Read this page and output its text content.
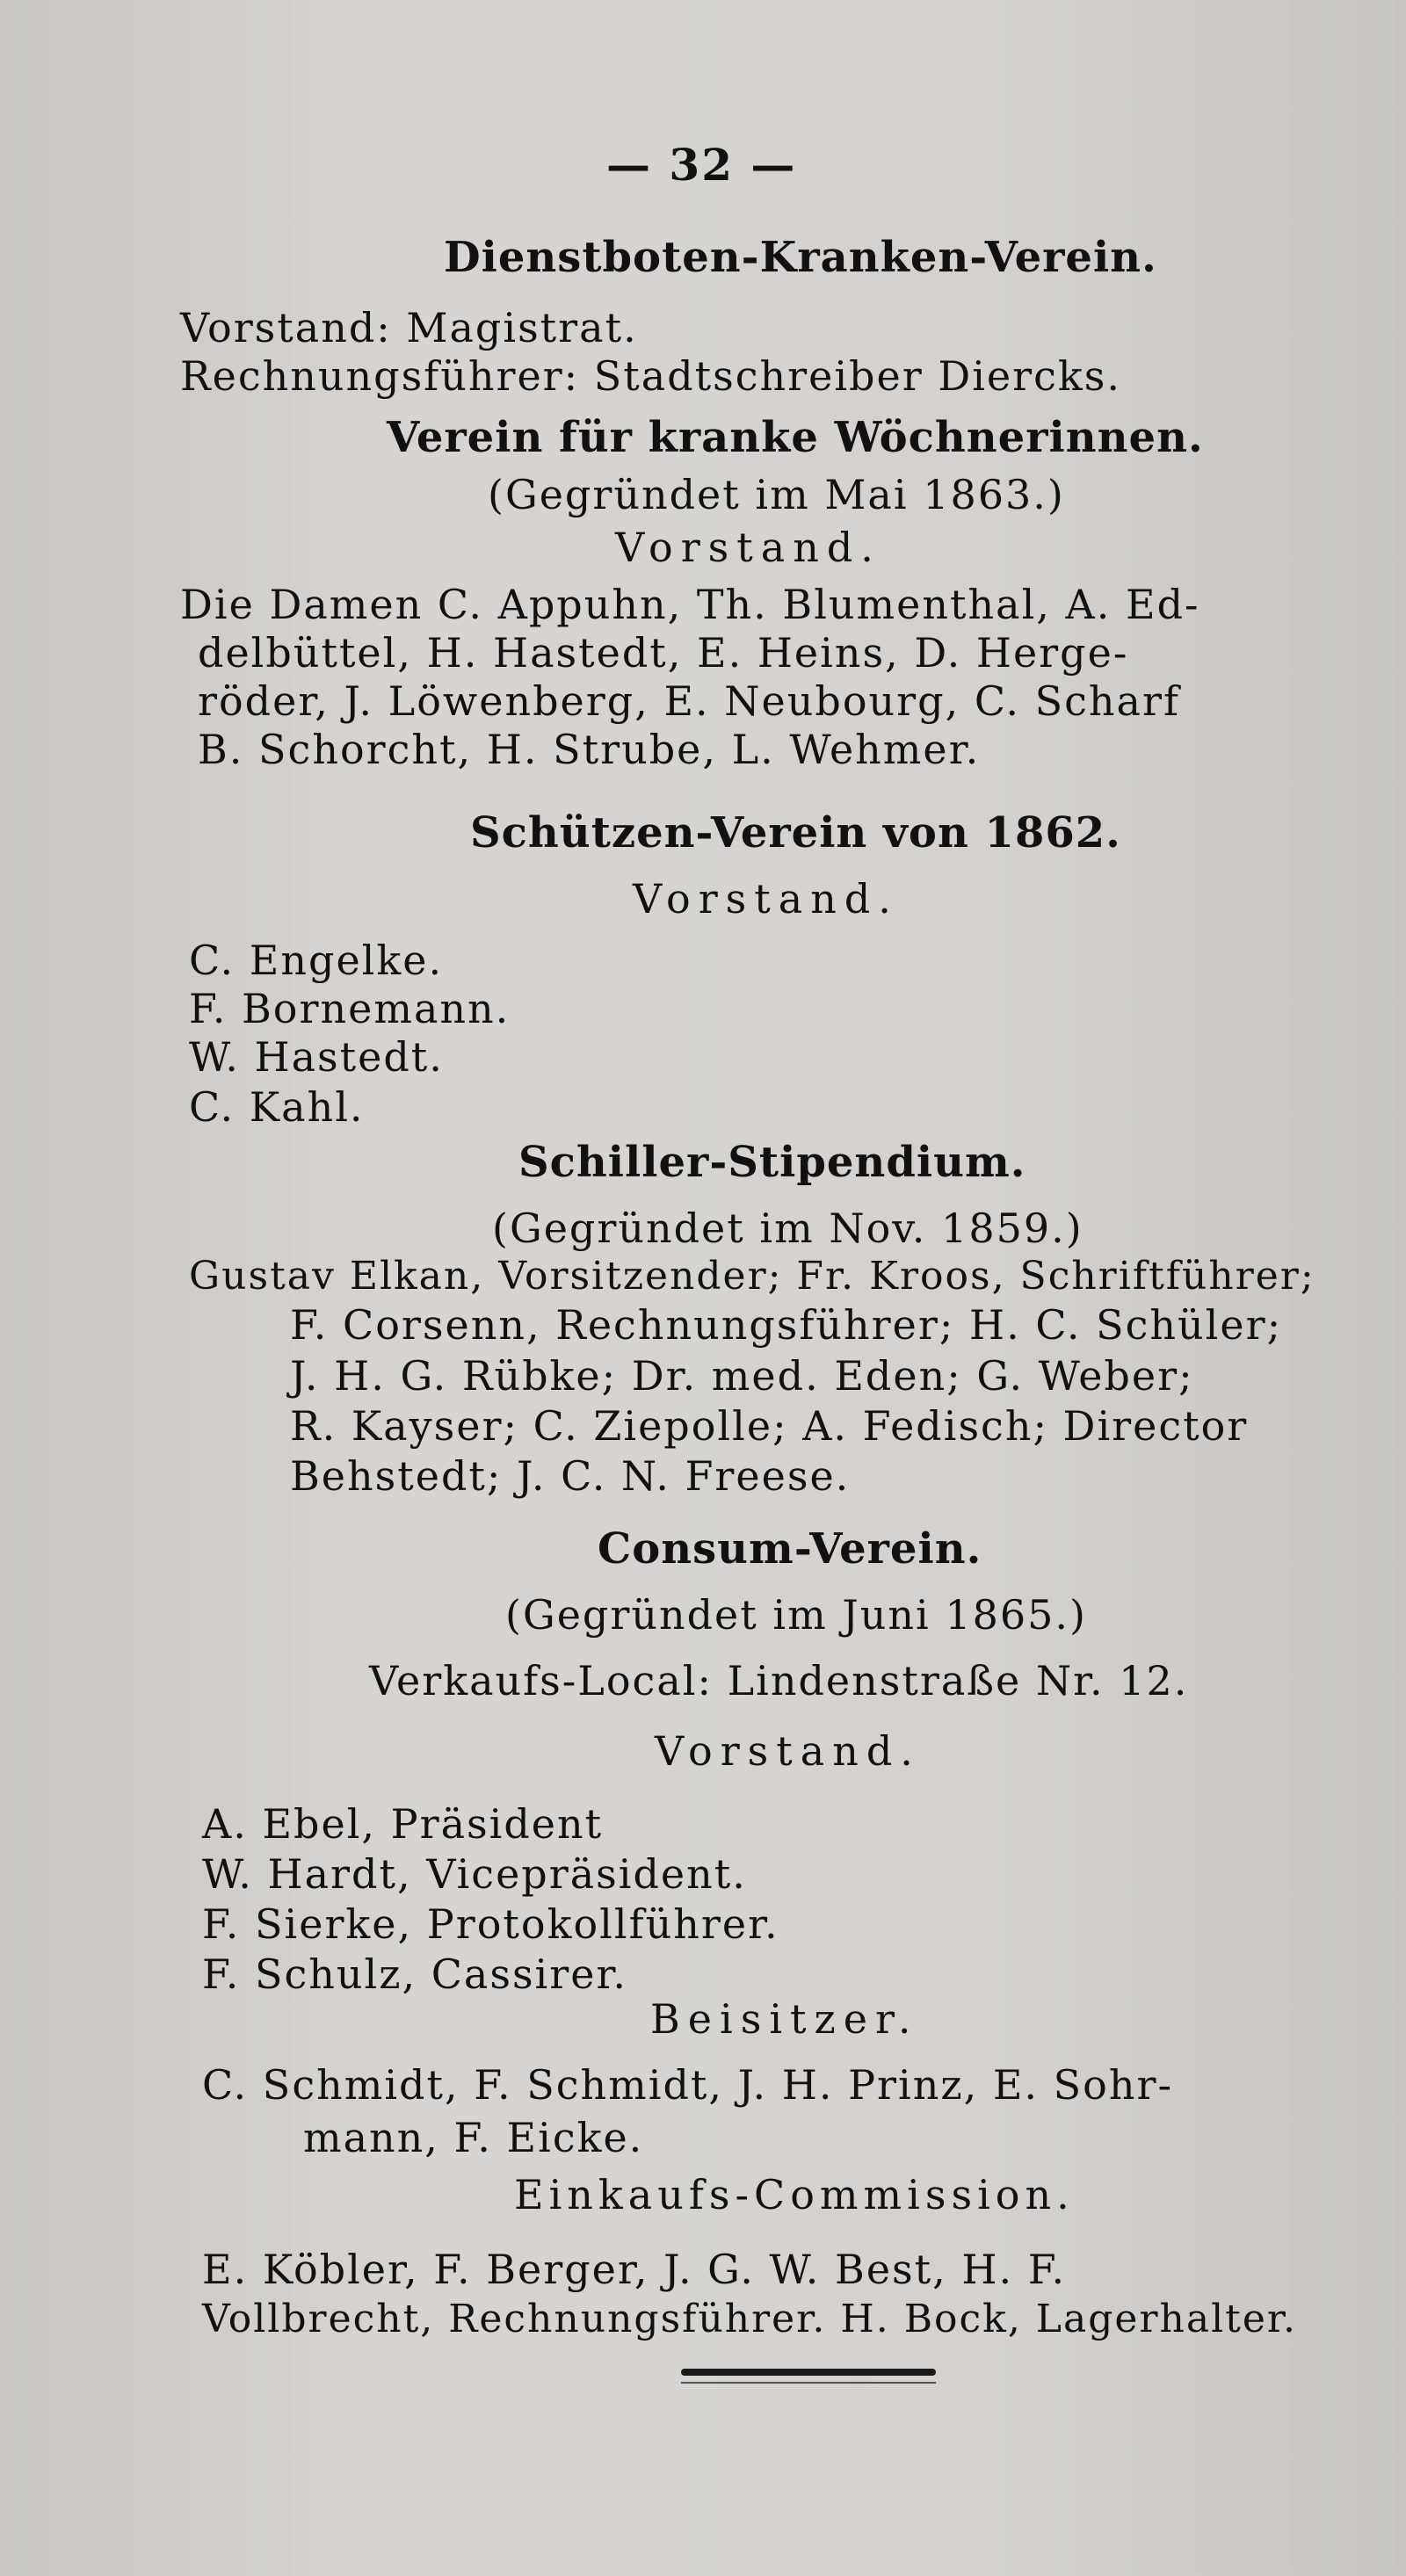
— 32 —
Dienstboten-Kranken-Verein.
Vorstand: Magistrat.
Rechnungsführer: Stadtschreiber Diercks.
Verein für kranke Wöchnerinnen.
(Gegründet im Mai 1863.)
Vorstand.
Die Damen C. Appuhn, Th. Blumenthal, A. Ed-
delbüttel, H. Hastedt, E. Heins, D. Herge-
röder, J. Löwenberg, E. Neubourg, C. Scharf
B. Schorcht, H. Strube, L. Wehmer.
Schützen-Verein von 1862.
Vorstand.
C. Engelke.
F. Bornemann.
W. Hastedt.
C. Kahl.
Schiller-Stipendium.
(Gegründet im Nov. 1859.)
Gustav Elkan, Vorsitzender; Fr. Kroos, Schriftführer;
F. Corsenn, Rechnungsführer; H. C. Schüler;
J. H. G. Rübke; Dr. med. Eden; G. Weber;
R. Kayser; C. Ziepolle; A. Fedisch; Director
Behstedt; J. C. N. Freese.
Consum-Verein.
(Gegründet im Juni 1865.)
Verkaufs-Local: Lindenstraße Nr. 12.
Vorstand.
A. Ebel, Präsident
W. Hardt, Vicepräsident.
F. Sierke, Protokollführer.
F. Schulz, Cassirer.
Beisitzer.
C. Schmidt, F. Schmidt, J. H. Prinz, E. Sohr-
mann, F. Eicke.
Einkaufs-Commission.
E. Köbler, F. Berger, J. G. W. Best, H. F.
Vollbrecht, Rechnungsführer. H. Bock, Lagerhalter.
